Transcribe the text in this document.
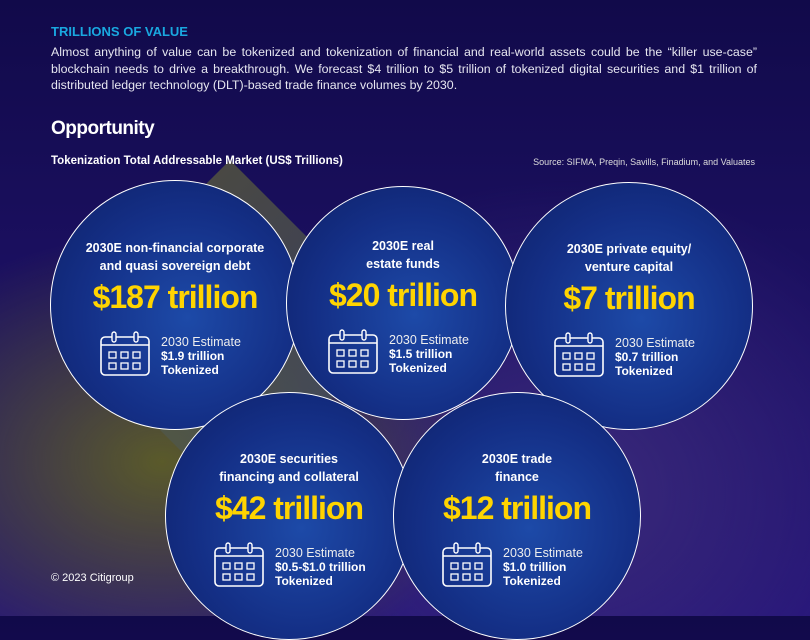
TRILLIONS OF VALUE
Almost anything of value can be tokenized and tokenization of financial and real-world assets could be the “killer use-case” blockchain needs to drive a breakthrough. We forecast $4 trillion to $5 trillion of tokenized digital securities and $1 trillion of distributed ledger technology (DLT)-based trade finance volumes by 2030.
Opportunity
Tokenization Total Addressable Market (US$ Trillions)	Source: SIFMA, Preqin, Savills, Finadium, and Valuates
2030E non-financial corporate
and quasi sovereign debt
$187 trillion
2030 Estimate
$1.9 trillion
Tokenized
2030E real
estate funds
$20 trillion
2030 Estimate
$1.5 trillion
Tokenized
2030E private equity/
venture capital
$7 trillion
2030 Estimate
$0.7 trillion
Tokenized
2030E securities
financing and collateral
$42 trillion
2030 Estimate
$0.5-$1.0 trillion
Tokenized
2030E trade
finance
$12 trillion
2030 Estimate
$1.0 trillion
Tokenized
© 2023 Citigroup
